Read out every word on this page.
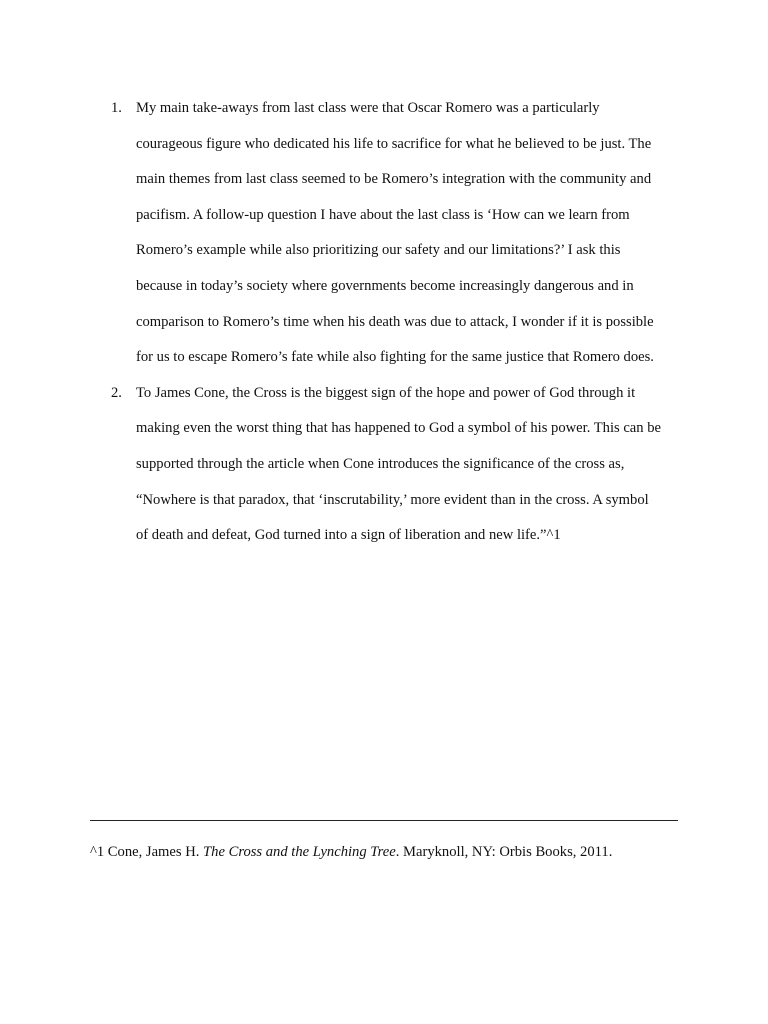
1. My main take-aways from last class were that Oscar Romero was a particularly
courageous figure who dedicated his life to sacrifice for what he believed to be just. The
main themes from last class seemed to be Romero’s integration with the community and
pacifism. A follow-up question I have about the last class is ‘How can we learn from
Romero’s example while also prioritizing our safety and our limitations?’ I ask this
because in today’s society where governments become increasingly dangerous and in
comparison to Romero’s time when his death was due to attack, I wonder if it is possible
for us to escape Romero’s fate while also fighting for the same justice that Romero does.
2. To James Cone, the Cross is the biggest sign of the hope and power of God through it
making even the worst thing that has happened to God a symbol of his power. This can be
supported through the article when Cone introduces the significance of the cross as,
“Nowhere is that paradox, that ‘inscrutability,’ more evident than in the cross. A symbol
of death and defeat, God turned into a sign of liberation and new life.”^1
^1 Cone, James H. The Cross and the Lynching Tree. Maryknoll, NY: Orbis Books, 2011.
